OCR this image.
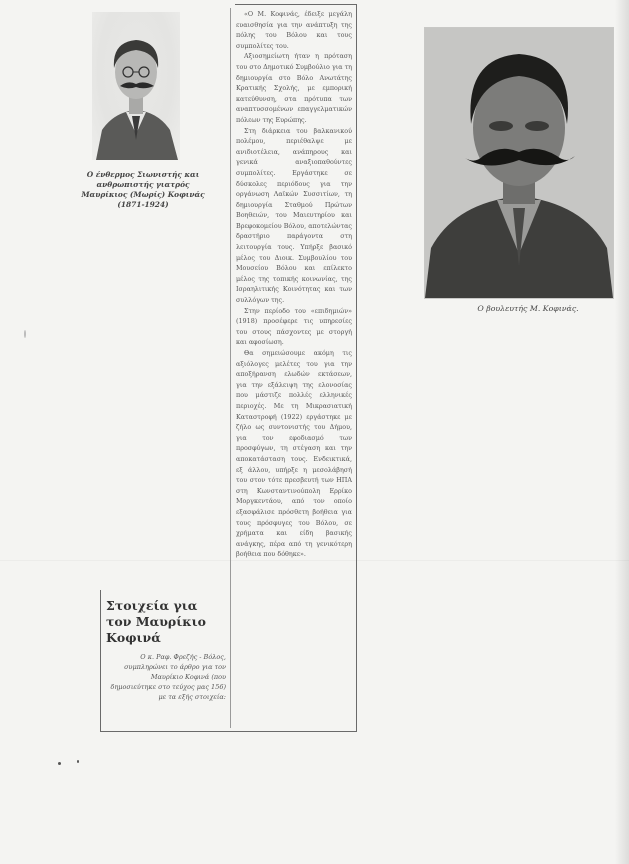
Ο ένθερμος Σιωνιστής και ανθρωπιστής γιατρός Μαυρίκιος (Μωρίς) Κοφινάς (1871-1924)
Ο βουλευτής Μ. Κοφινάς.

«Ο Μ. Κοφινάς, έδειξε μεγάλη ευαισθησία για την ανάπτυξη της πόλης του Βόλου και τους συμπολίτες του.

Αξιοσημείωτη ήταν η πρόταση του στο Δημοτικό Συμβούλιο για τη δημιουργία στο Βόλο Ανωτάτης Κρατικής Σχολής, με εμπορική κατεύθυνση, στα πρότυπα των αναπτυσσομένων επαγγελματικών πόλεων της Ευρώπης.

Στη διάρκεια του βαλκανικού πολέμου, περιέθαλψε με ανιδιοτέλεια, ανάπηρους και γενικά αναξιοπαθούντες συμπολίτες. Εργάστηκε σε δύσκολες περιόδους για την οργάνωση Λαϊκών Συσσιτίων, τη δημιουργία Σταθμού Πρώτων Βοηθειών, του Μαιευτηρίου και Βρεφοκομείου Βόλου, αποτελώντας δραστήριο παράγοντα στη λειτουργία τους. Υπήρξε βασικό μέλος του Διοικ. Συμβουλίου του Μουσείου Βόλου και επίλεκτο μέλος της τοπικής κοινωνίας, της Ισραηλιτικής Κοινότητας και των συλλόγων της.

Στην περίοδο του «επιδημιών» (1918) προσέφερε τις υπηρεσίες του στους πάσχοντες με στοργή και αφοσίωση.

Θα σημειώσουμε ακόμη τις αξιόλογες μελέτες του για την αποξήρανση ελωδών εκτάσεων, για την εξάλειψη της ελονοσίας που μάστιζε πολλές ελληνικές περιοχές. Με τη Μικρασιατική Καταστροφή (1922) εργάστηκε με ζήλο ως συντονιστής του Δήμου, για τον εφοδιασμό των προσφύγων, τη στέγαση και την αποκατάσταση τους. Ενδεικτικά, εξ άλλου, υπήρξε η μεσολάβησή του στον τότε πρεσβευτή των ΗΠΑ στη Κωνσταντινούπολη Ερρίκο Μοργκεντάου, από τον οποίο εξασφάλισε πρόσθετη βοήθεια για τους πρόσφυγες του Βόλου, σε χρήματα και είδη βασικής ανάγκης, πέρα από τη γενικότερη βοήθεια που δόθηκε».

Στοιχεία για τον Μαυρίκιο Κοφινά

Ο κ. Ραφ. Φρεζής - Βόλος, συμπληρώνει το άρθρο για τον Μαυρίκιο Κοφινά (που δημοσιεύτηκε στο τεύχος μας 156) με τα εξής στοιχεία:
